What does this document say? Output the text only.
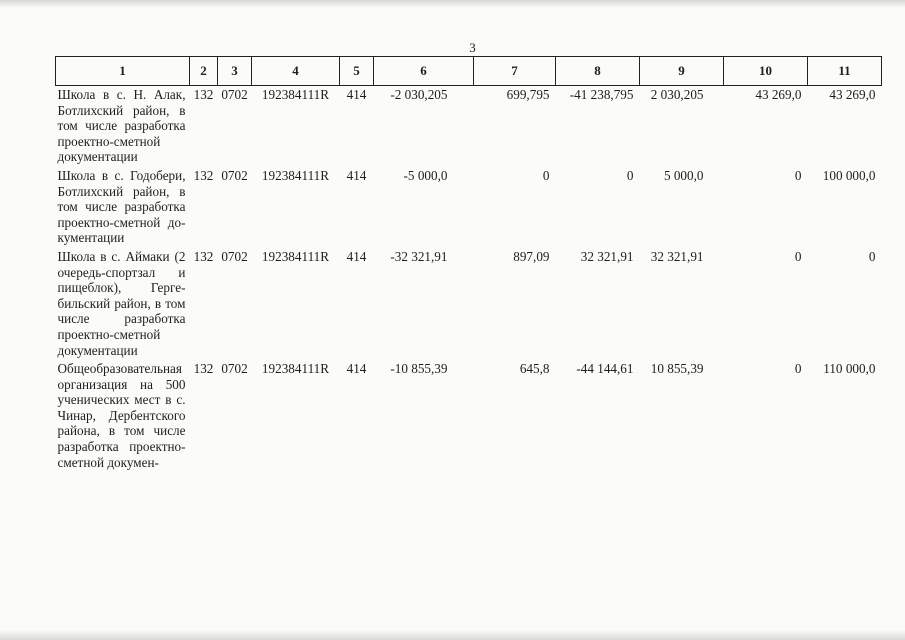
3
1	2	3	4	5	6	7	8	9	10	11
Школа в с. Н. Алак, Ботлихский район, в том числе разработка проектно-сметной документации	132	0702	192384111R	414	-2 030,205	699,795	-41 238,795	2 030,205	43 269,0	43 269,0
Школа в с. Годобери, Ботлихский район, в том числе разработка проектно-сметной документации	132	0702	192384111R	414	-5 000,0	0	0	5 000,0	0	100 000,0
Школа в с. Аймаки (2 очередь-спортзал и пищеблок), Гергебильский район, в том числе разработка проектно-сметной документации	132	0702	192384111R	414	-32 321,91	897,09	32 321,91	32 321,91	0	0
Общеобразовательная организация на 500 ученических мест в с. Чинар, Дербентского района, в том числе разработка проектно-сметной докумен-	132	0702	192384111R	414	-10 855,39	645,8	-44 144,61	10 855,39	0	110 000,0
